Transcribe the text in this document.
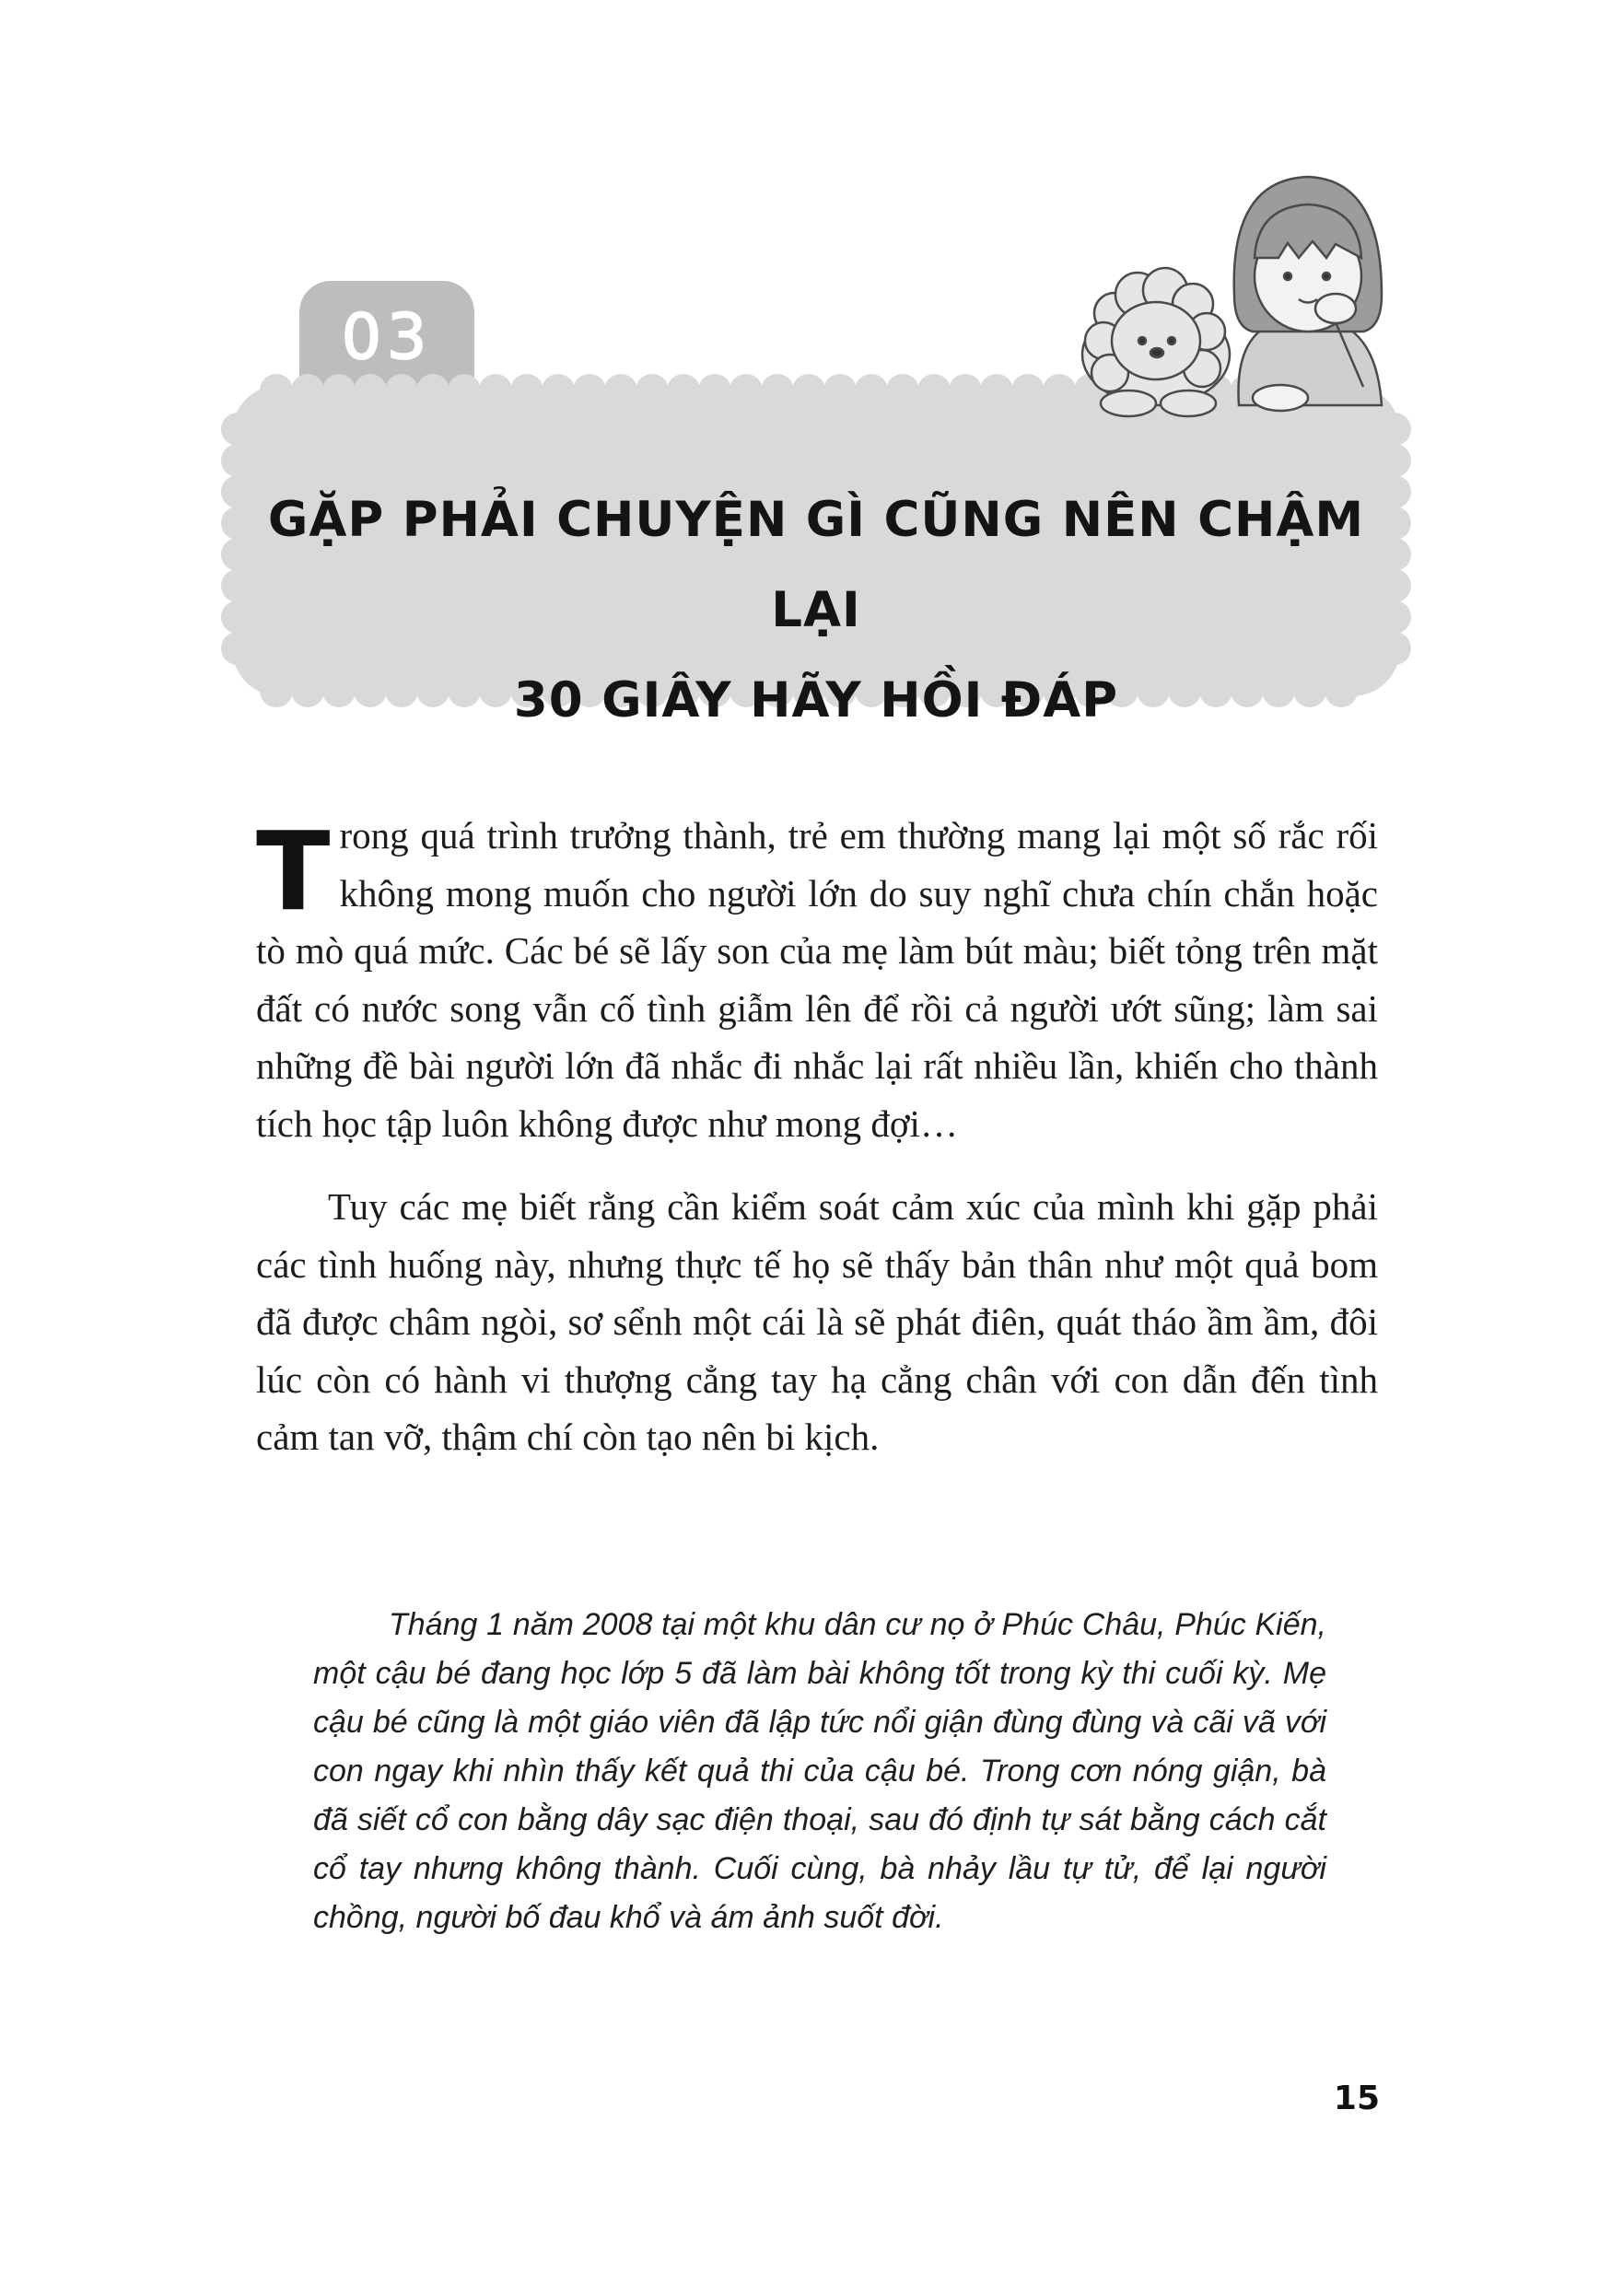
03
GẶP PHẢI CHUYỆN GÌ CŨNG NÊN CHẬM LẠI
30 GIÂY HÃY HỒI ĐÁP

Trong quá trình trưởng thành, trẻ em thường mang lại một số rắc rối không mong muốn cho người lớn do suy nghĩ chưa chín chắn hoặc tò mò quá mức. Các bé sẽ lấy son của mẹ làm bút màu; biết tỏng trên mặt đất có nước song vẫn cố tình giẫm lên để rồi cả người ướt sũng; làm sai những đề bài người lớn đã nhắc đi nhắc lại rất nhiều lần, khiến cho thành tích học tập luôn không được như mong đợi…

Tuy các mẹ biết rằng cần kiểm soát cảm xúc của mình khi gặp phải các tình huống này, nhưng thực tế họ sẽ thấy bản thân như một quả bom đã được châm ngòi, sơ sểnh một cái là sẽ phát điên, quát tháo ầm ầm, đôi lúc còn có hành vi thượng cẳng tay hạ cẳng chân với con dẫn đến tình cảm tan vỡ, thậm chí còn tạo nên bi kịch.

Tháng 1 năm 2008 tại một khu dân cư nọ ở Phúc Châu, Phúc Kiến, một cậu bé đang học lớp 5 đã làm bài không tốt trong kỳ thi cuối kỳ. Mẹ cậu bé cũng là một giáo viên đã lập tức nổi giận đùng đùng và cãi vã với con ngay khi nhìn thấy kết quả thi của cậu bé. Trong cơn nóng giận, bà đã siết cổ con bằng dây sạc điện thoại, sau đó định tự sát bằng cách cắt cổ tay nhưng không thành. Cuối cùng, bà nhảy lầu tự tử, để lại người chồng, người bố đau khổ và ám ảnh suốt đời.

15
